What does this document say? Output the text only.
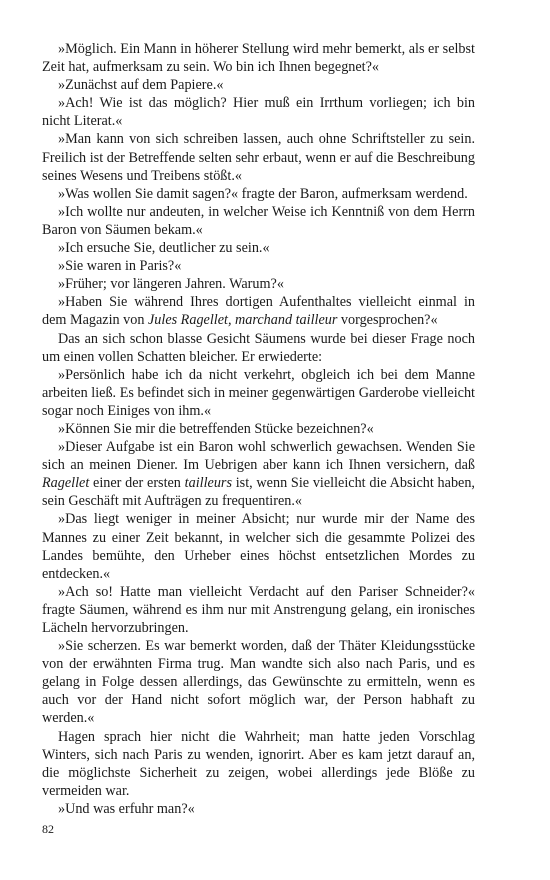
»Möglich. Ein Mann in höherer Stellung wird mehr bemerkt, als er selbst Zeit hat, aufmerksam zu sein. Wo bin ich Ihnen begegnet?«

»Zunächst auf dem Papiere.«

»Ach! Wie ist das möglich? Hier muß ein Irrthum vorliegen; ich bin nicht Literat.«

»Man kann von sich schreiben lassen, auch ohne Schriftsteller zu sein. Freilich ist der Betreffende selten sehr erbaut, wenn er auf die Beschreibung seines Wesens und Treibens stößt.«

»Was wollen Sie damit sagen?« fragte der Baron, aufmerksam werdend.

»Ich wollte nur andeuten, in welcher Weise ich Kenntniß von dem Herrn Baron von Säumen bekam.«

»Ich ersuche Sie, deutlicher zu sein.«

»Sie waren in Paris?«

»Früher; vor längeren Jahren. Warum?«

»Haben Sie während Ihres dortigen Aufenthaltes vielleicht einmal in dem Magazin von Jules Ragellet, marchand tailleur vorgesprochen?«

Das an sich schon blasse Gesicht Säumens wurde bei dieser Frage noch um einen vollen Schatten bleicher. Er erwiederte:

»Persönlich habe ich da nicht verkehrt, obgleich ich bei dem Manne arbeiten ließ. Es befindet sich in meiner gegenwärtigen Garderobe vielleicht sogar noch Einiges von ihm.«

»Können Sie mir die betreffenden Stücke bezeichnen?«

»Dieser Aufgabe ist ein Baron wohl schwerlich gewachsen. Wenden Sie sich an meinen Diener. Im Uebrigen aber kann ich Ihnen versichern, daß Ragellet einer der ersten tailleurs ist, wenn Sie vielleicht die Absicht haben, sein Geschäft mit Aufträgen zu frequentiren.«

»Das liegt weniger in meiner Absicht; nur wurde mir der Name des Mannes zu einer Zeit bekannt, in welcher sich die gesammte Polizei des Landes bemühte, den Urheber eines höchst entsetzlichen Mordes zu entdecken.«

»Ach so! Hatte man vielleicht Verdacht auf den Pariser Schneider?« fragte Säumen, während es ihm nur mit Anstrengung gelang, ein ironisches Lächeln hervorzubringen.

»Sie scherzen. Es war bemerkt worden, daß der Thäter Kleidungsstücke von der erwähnten Firma trug. Man wandte sich also nach Paris, und es gelang in Folge dessen allerdings, das Gewünschte zu ermitteln, wenn es auch vor der Hand nicht sofort möglich war, der Person habhaft zu werden.«

Hagen sprach hier nicht die Wahrheit; man hatte jeden Vorschlag Winters, sich nach Paris zu wenden, ignorirt. Aber es kam jetzt darauf an, die möglichste Sicherheit zu zeigen, wobei allerdings jede Blöße zu vermeiden war.

»Und was erfuhr man?«

82
